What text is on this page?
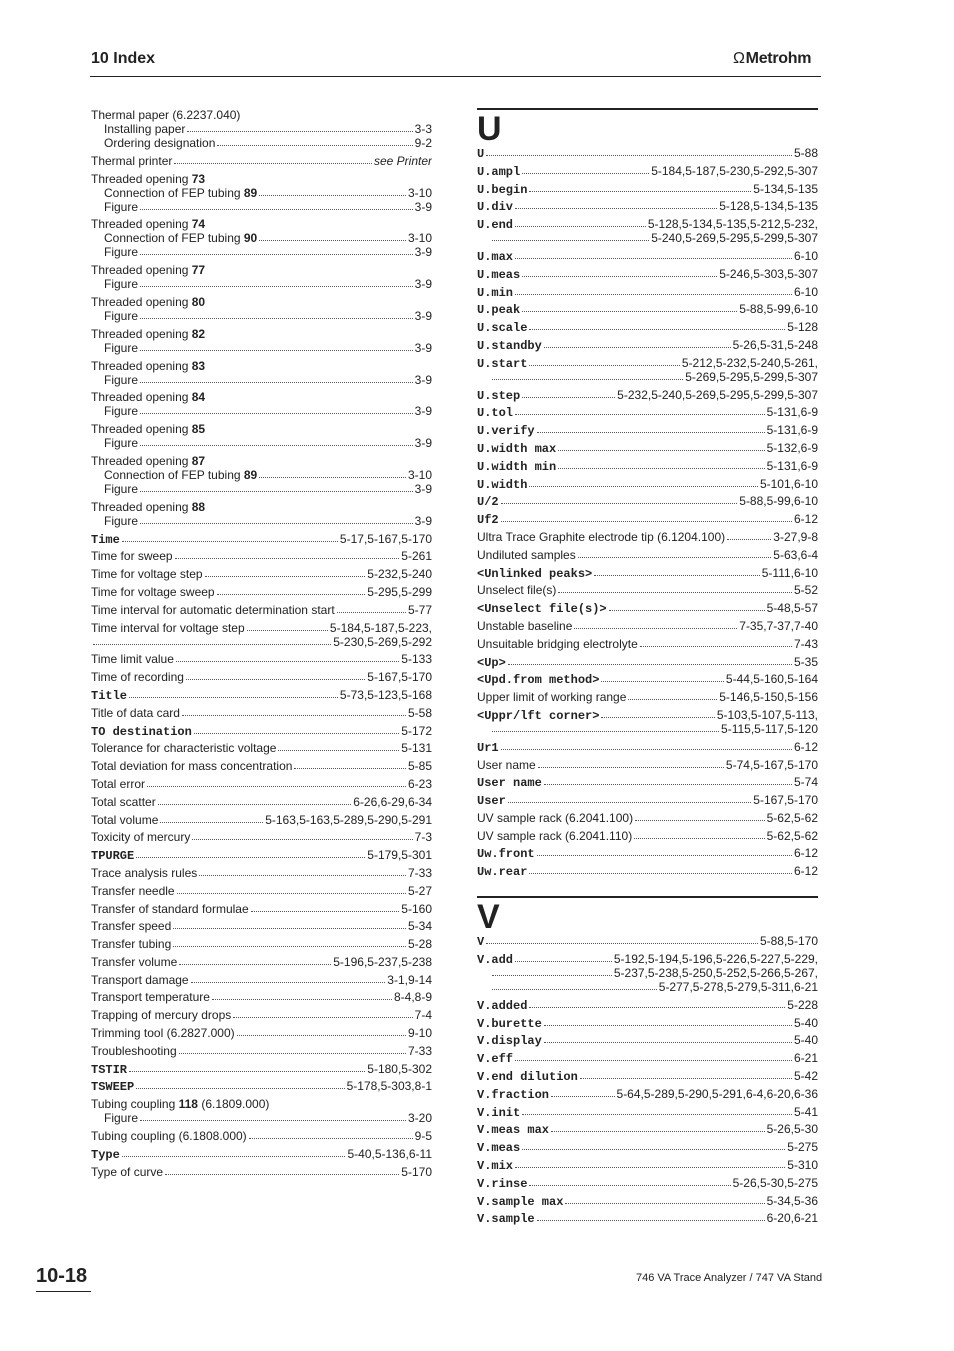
10 Index	ΩMetrohm
Thermal paper (6.2237.040)
Installing paper	3-3
Ordering designation	9-2
Thermal printer	see Printer
Threaded opening 73
Connection of FEP tubing 89	3-10
Figure	3-9
Threaded opening 74
Connection of FEP tubing 90	3-10
Figure	3-9
Threaded opening 77
Figure	3-9
Threaded opening 80
Figure	3-9
Threaded opening 82
Figure	3-9
Threaded opening 83
Figure	3-9
Threaded opening 84
Figure	3-9
Threaded opening 85
Figure	3-9
Threaded opening 87
Connection of FEP tubing 89	3-10
Figure	3-9
Threaded opening 88
Figure	3-9
Time	5-17,5-167,5-170
Time for sweep	5-261
Time for voltage step	5-232,5-240
Time for voltage sweep	5-295,5-299
Time interval for automatic determination start	5-77
Time interval for voltage step	5-184,5-187,5-223,
5-230,5-269,5-292
Time limit value	5-133
Time of recording	5-167,5-170
Title	5-73,5-123,5-168
Title of data card	5-58
TO destination	5-172
Tolerance for characteristic voltage	5-131
Total deviation for mass concentration	5-85
Total error	6-23
Total scatter	6-26,6-29,6-34
Total volume	5-163,5-163,5-289,5-290,5-291
Toxicity of mercury	7-3
TPURGE	5-179,5-301
Trace analysis rules	7-33
Transfer needle	5-27
Transfer of standard formulae	5-160
Transfer speed	5-34
Transfer tubing	5-28
Transfer volume	5-196,5-237,5-238
Transport damage	3-1,9-14
Transport temperature	8-4,8-9
Trapping of mercury drops	7-4
Trimming tool (6.2827.000)	9-10
Troubleshooting	7-33
TSTIR	5-180,5-302
TSWEEP	5-178,5-303,8-1
Tubing coupling 118 (6.1809.000)
Figure	3-20
Tubing coupling (6.1808.000)	9-5
Type	5-40,5-136,6-11
Type of curve	5-170
U
U	5-88
U.ampl	5-184,5-187,5-230,5-292,5-307
U.begin	5-134,5-135
U.div	5-128,5-134,5-135
U.end	5-128,5-134,5-135,5-212,5-232,
5-240,5-269,5-295,5-299,5-307
U.max	6-10
U.meas	5-246,5-303,5-307
U.min	6-10
U.peak	5-88,5-99,6-10
U.scale	5-128
U.standby	5-26,5-31,5-248
U.start	5-212,5-232,5-240,5-261,
5-269,5-295,5-299,5-307
U.step	5-232,5-240,5-269,5-295,5-299,5-307
U.tol	5-131,6-9
U.verify	5-131,6-9
U.width max	5-132,6-9
U.width min	5-131,6-9
U.width	5-101,6-10
U/2	5-88,5-99,6-10
Uf2	6-12
Ultra Trace Graphite electrode tip (6.1204.100)	3-27,9-8
Undiluted samples	5-63,6-4
<Unlinked peaks>	5-111,6-10
Unselect file(s)	5-52
<Unselect file(s)>	5-48,5-57
Unstable baseline	7-35,7-37,7-40
Unsuitable bridging electrolyte	7-43
<Up>	5-35
<Upd.from method>	5-44,5-160,5-164
Upper limit of working range	5-146,5-150,5-156
<Uppr/lft corner>	5-103,5-107,5-113,
5-115,5-117,5-120
Ur1	6-12
User name	5-74,5-167,5-170
User name	5-74
User	5-167,5-170
UV sample rack (6.2041.100)	5-62,5-62
UV sample rack (6.2041.110)	5-62,5-62
Uw.front	6-12
Uw.rear	6-12
V
V	5-88,5-170
V.add	5-192,5-194,5-196,5-226,5-227,5-229,
5-237,5-238,5-250,5-252,5-266,5-267,
5-277,5-278,5-279,5-311,6-21
V.added	5-228
V.burette	5-40
V.display	5-40
V.eff	6-21
V.end dilution	5-42
V.fraction	5-64,5-289,5-290,5-291,6-4,6-20,6-36
V.init	5-41
V.meas max	5-26,5-30
V.meas	5-275
V.mix	5-310
V.rinse	5-26,5-30,5-275
V.sample max	5-34,5-36
V.sample	6-20,6-21
10-18	746 VA Trace Analyzer / 747 VA Stand
